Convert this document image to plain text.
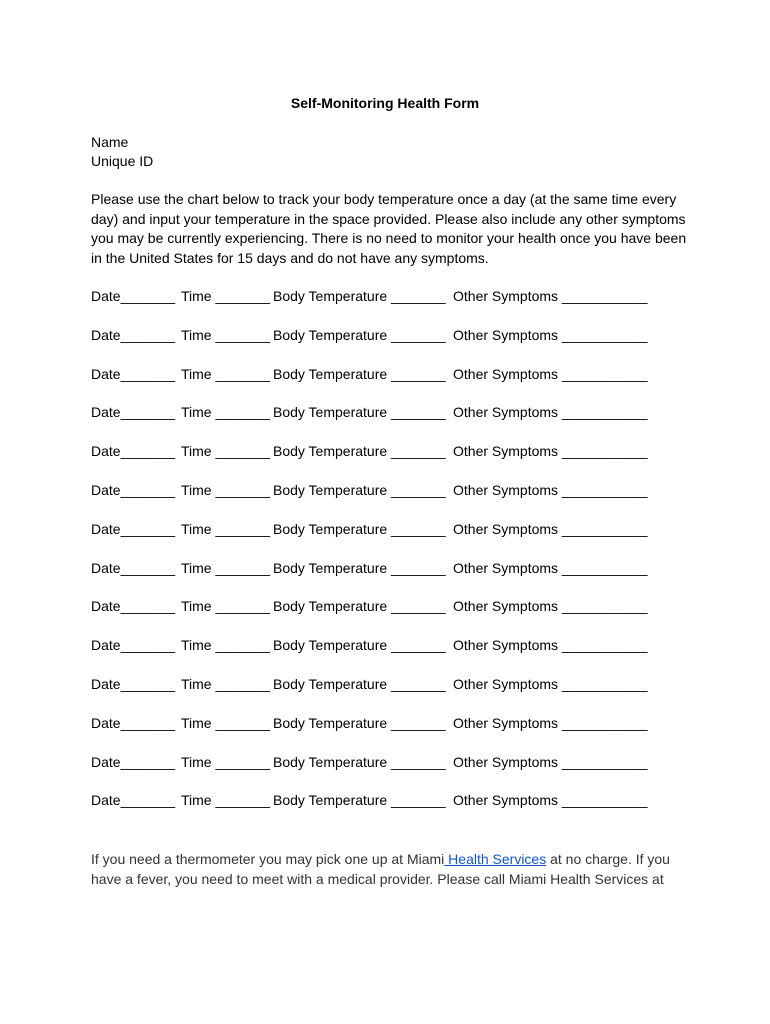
Self-Monitoring Health Form
Name
Unique ID
Please use the chart below to track your body temperature once a day (at the same time every
day) and input your temperature in the space provided. Please also include any other symptoms
you may be currently experiencing. There is no need to monitor your health once you have been
in the United States for 15 days and do not have any symptoms.
Date_______ Time _______ Body Temperature _______ Other Symptoms ___________
Date_______ Time _______ Body Temperature _______ Other Symptoms ___________
Date_______ Time _______ Body Temperature _______ Other Symptoms ___________
Date_______ Time _______ Body Temperature _______ Other Symptoms ___________
Date_______ Time _______ Body Temperature _______ Other Symptoms ___________
Date_______ Time _______ Body Temperature _______ Other Symptoms ___________
Date_______ Time _______ Body Temperature _______ Other Symptoms ___________
Date_______ Time _______ Body Temperature _______ Other Symptoms ___________
Date_______ Time _______ Body Temperature _______ Other Symptoms ___________
Date_______ Time _______ Body Temperature _______ Other Symptoms ___________
Date_______ Time _______ Body Temperature _______ Other Symptoms ___________
Date_______ Time _______ Body Temperature _______ Other Symptoms ___________
Date_______ Time _______ Body Temperature _______ Other Symptoms ___________
Date_______ Time _______ Body Temperature _______ Other Symptoms ___________
If you need a thermometer you may pick one up at Miami Health Services at no charge. If you
have a fever, you need to meet with a medical provider. Please call Miami Health Services at
